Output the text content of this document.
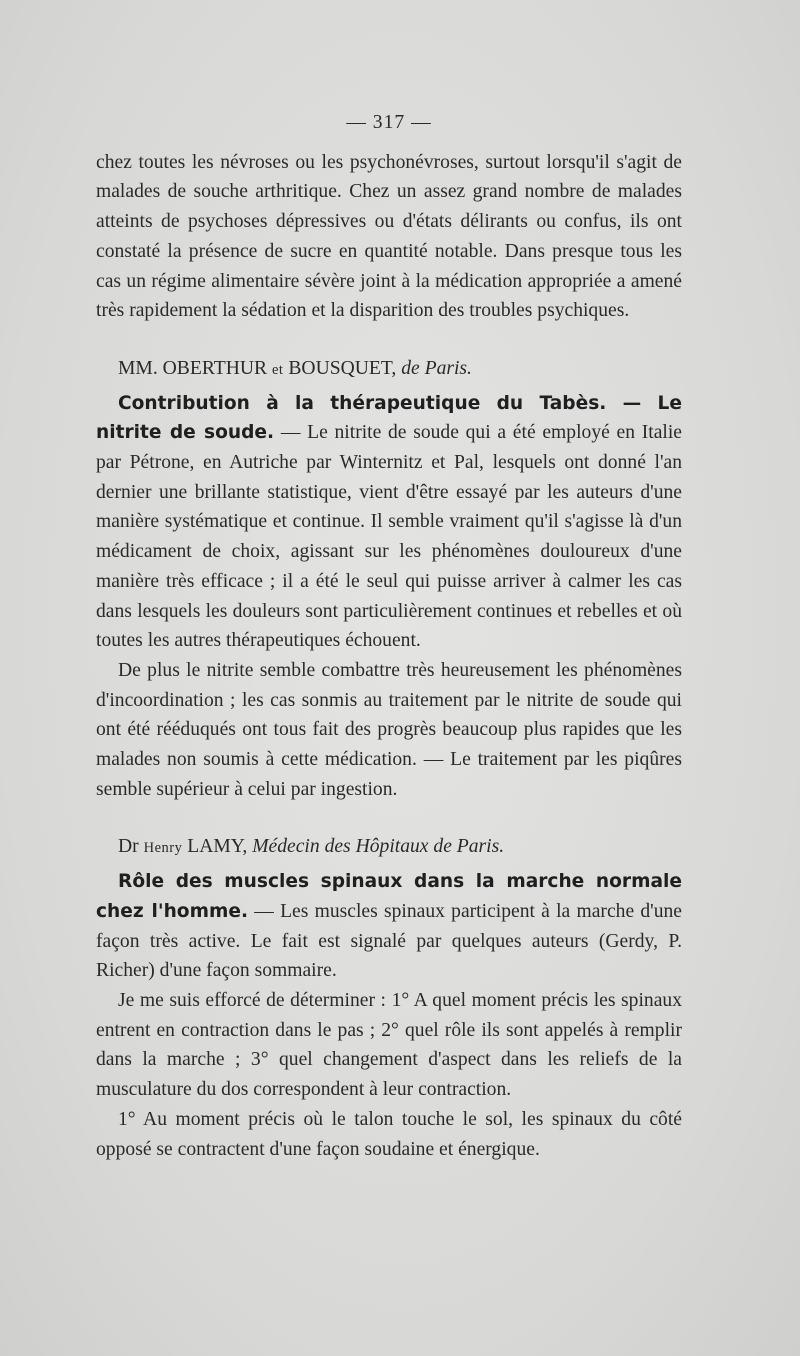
— 317 —

chez toutes les névroses ou les psychonévroses, surtout lorsqu'il s'agit de malades de souche arthritique. Chez un assez grand nombre de malades atteints de psychoses dépressives ou d'états délirants ou confus, ils ont constaté la présence de sucre en quantité notable. Dans presque tous les cas un régime alimentaire sévère joint à la médication appropriée a amené très rapidement la sédation et la disparition des troubles psychiques.

MM. OBERTHUR et BOUSQUET, de Paris.

Contribution à la thérapeutique du Tabès. — Le nitrite de soude. — Le nitrite de soude qui a été employé en Italie par Pétrone, en Autriche par Winternitz et Pal, lesquels ont donné l'an dernier une brillante statistique, vient d'être essayé par les auteurs d'une manière systématique et continue. Il semble vraiment qu'il s'agisse là d'un médicament de choix, agissant sur les phénomènes douloureux d'une manière très efficace ; il a été le seul qui puisse arriver à calmer les cas dans lesquels les douleurs sont particulièrement continues et rebelles et où toutes les autres thérapeutiques échouent.

De plus le nitrite semble combattre très heureusement les phénomènes d'incoordination ; les cas sonmis au traitement par le nitrite de soude qui ont été rééduqués ont tous fait des progrès beaucoup plus rapides que les malades non soumis à cette médication. — Le traitement par les piqûres semble supérieur à celui par ingestion.

Dr Henry LAMY, Médecin des Hôpitaux de Paris.

Rôle des muscles spinaux dans la marche normale chez l'homme. — Les muscles spinaux participent à la marche d'une façon très active. Le fait est signalé par quelques auteurs (Gerdy, P. Richer) d'une façon sommaire.

Je me suis efforcé de déterminer : 1° A quel moment précis les spinaux entrent en contraction dans le pas ; 2° quel rôle ils sont appelés à remplir dans la marche ; 3° quel changement d'aspect dans les reliefs de la musculature du dos correspondent à leur contraction.

1° Au moment précis où le talon touche le sol, les spinaux du côté opposé se contractent d'une façon soudaine et énergique.
